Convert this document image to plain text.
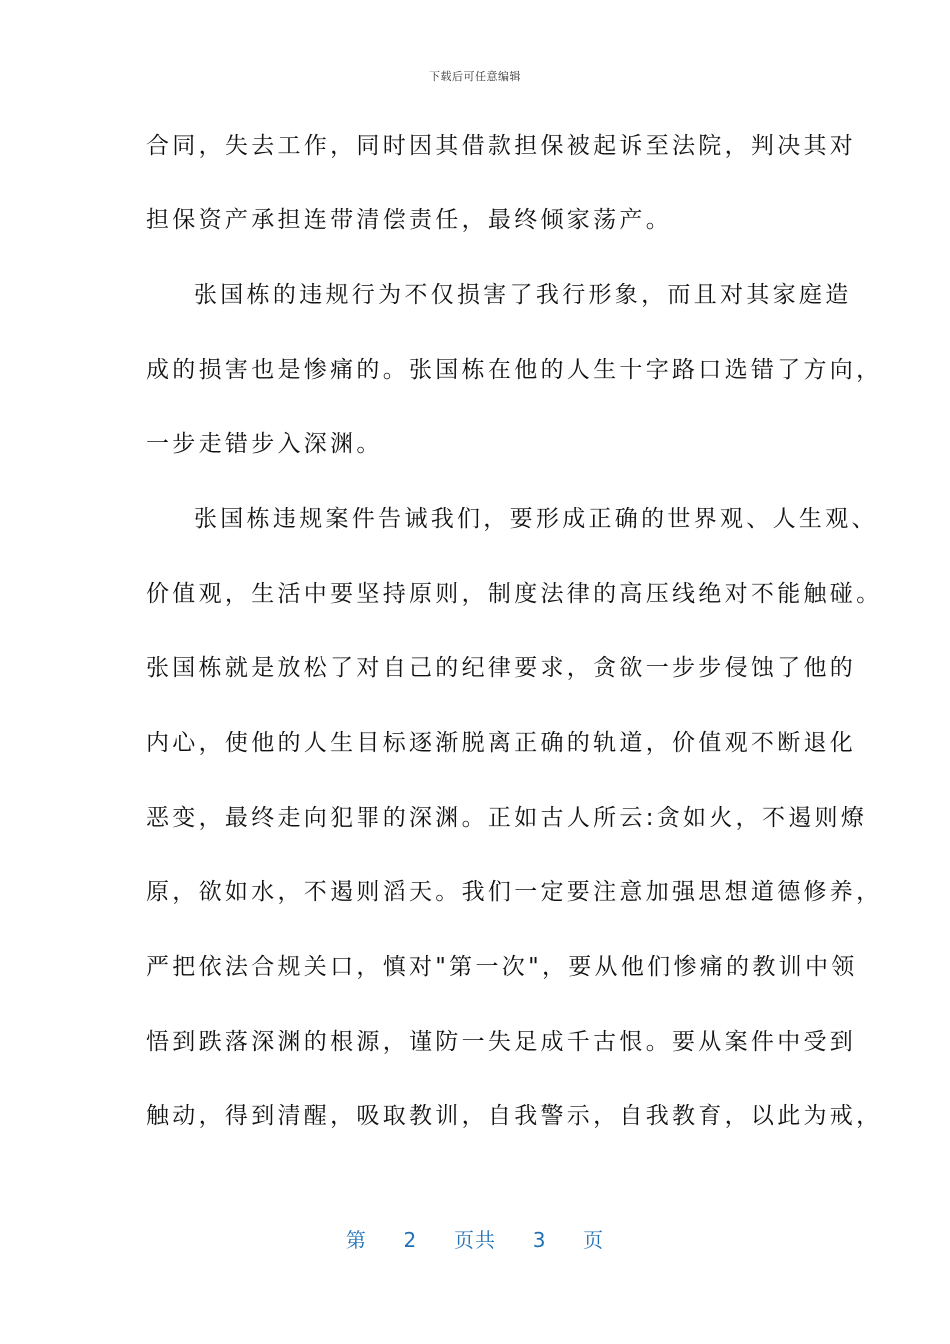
下载后可任意编辑
合同，失去工作，同时因其借款担保被起诉至法院，判决其对
担保资产承担连带清偿责任，最终倾家荡产。
张国栋的违规行为不仅损害了我行形象，而且对其家庭造
成的损害也是惨痛的。张国栋在他的人生十字路口选错了方向，
一步走错步入深渊。
张国栋违规案件告诫我们，要形成正确的世界观、人生观、
价值观，生活中要坚持原则，制度法律的高压线绝对不能触碰。
张国栋就是放松了对自己的纪律要求，贪欲一步步侵蚀了他的
内心，使他的人生目标逐渐脱离正确的轨道，价值观不断退化
恶变，最终走向犯罪的深渊。正如古人所云:贪如火，不遏则燎
原，欲如水，不遏则滔天。我们一定要注意加强思想道德修养，
严把依法合规关口，慎对"第一次"，要从他们惨痛的教训中领
悟到跌落深渊的根源，谨防一失足成千古恨。要从案件中受到
触动，得到清醒，吸取教训，自我警示，自我教育，以此为戒，
第 2 页共 3 页
